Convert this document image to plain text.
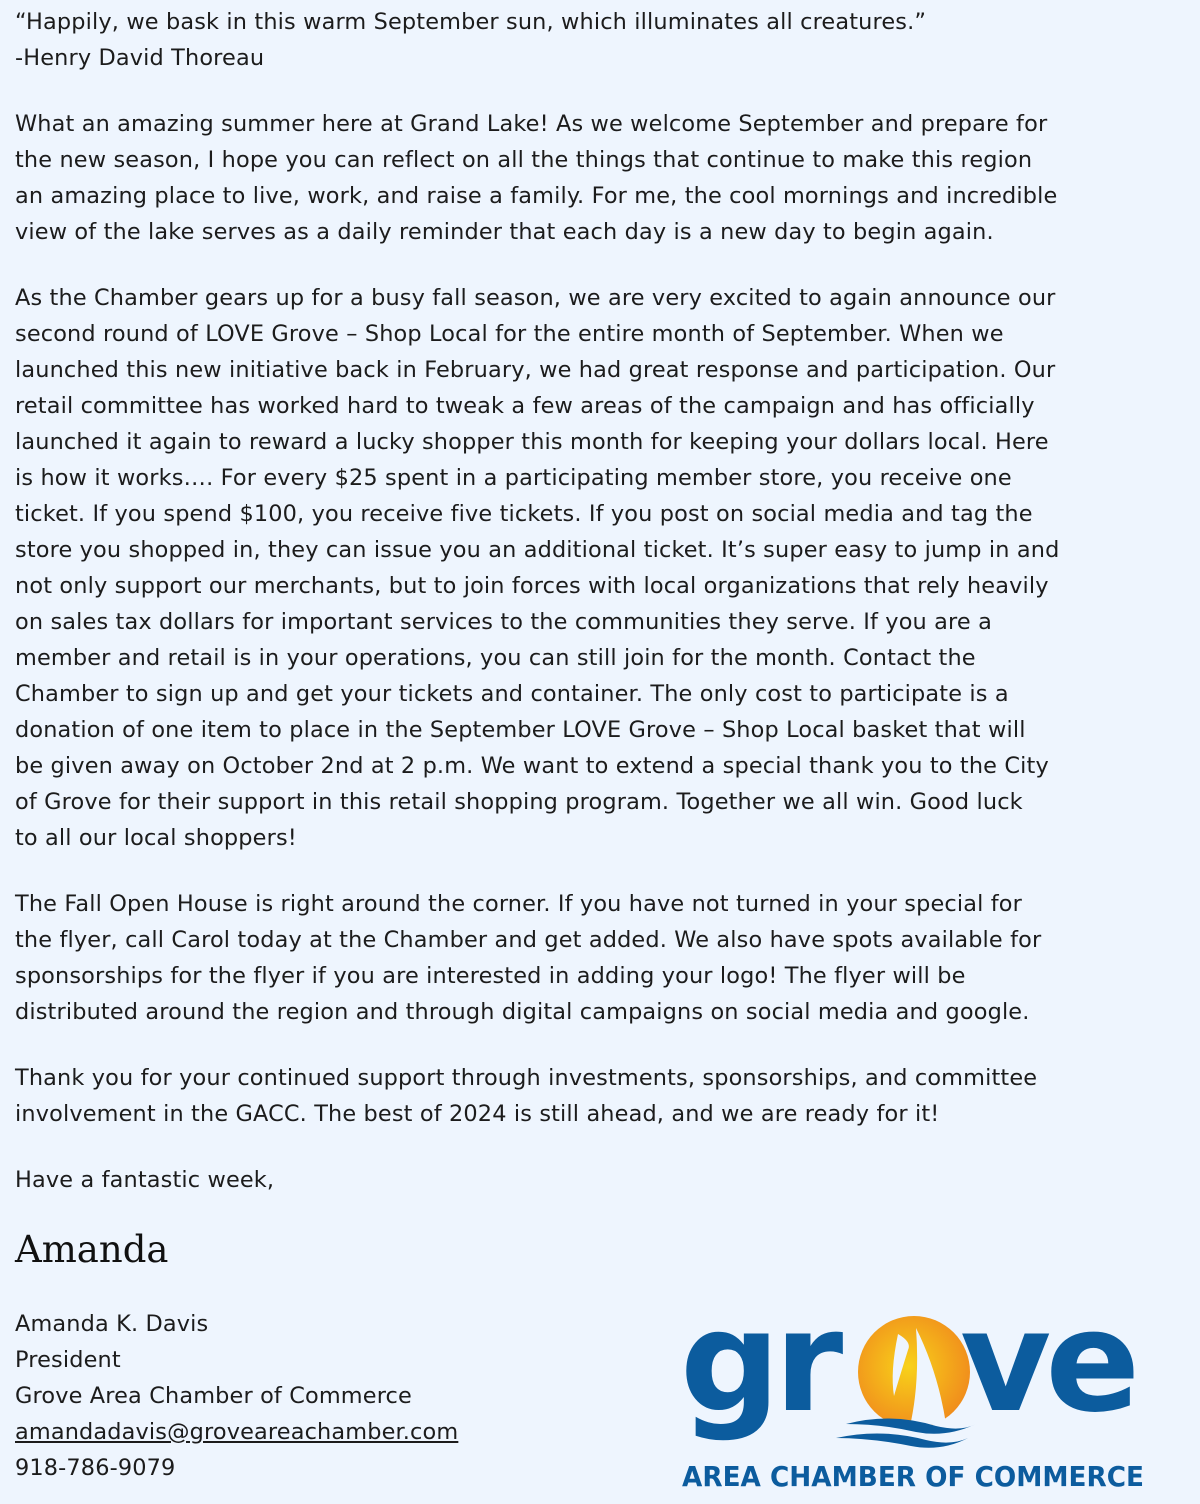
“Happily, we bask in this warm September sun, which illuminates all creatures.”
-Henry David Thoreau
What an amazing summer here at Grand Lake! As we welcome September and prepare for
the new season, I hope you can reflect on all the things that continue to make this region
an amazing place to live, work, and raise a family. For me, the cool mornings and incredible
view of the lake serves as a daily reminder that each day is a new day to begin again.
As the Chamber gears up for a busy fall season, we are very excited to again announce our
second round of LOVE Grove – Shop Local for the entire month of September. When we
launched this new initiative back in February, we had great response and participation. Our
retail committee has worked hard to tweak a few areas of the campaign and has officially
launched it again to reward a lucky shopper this month for keeping your dollars local. Here
is how it works…. For every $25 spent in a participating member store, you receive one
ticket. If you spend $100, you receive five tickets. If you post on social media and tag the
store you shopped in, they can issue you an additional ticket. It’s super easy to jump in and
not only support our merchants, but to join forces with local organizations that rely heavily
on sales tax dollars for important services to the communities they serve. If you are a
member and retail is in your operations, you can still join for the month. Contact the
Chamber to sign up and get your tickets and container. The only cost to participate is a
donation of one item to place in the September LOVE Grove – Shop Local basket that will
be given away on October 2nd at 2 p.m. We want to extend a special thank you to the City
of Grove for their support in this retail shopping program. Together we all win. Good luck
to all our local shoppers!
The Fall Open House is right around the corner. If you have not turned in your special for
the flyer, call Carol today at the Chamber and get added. We also have spots available for
sponsorships for the flyer if you are interested in adding your logo! The flyer will be
distributed around the region and through digital campaigns on social media and google.
Thank you for your continued support through investments, sponsorships, and committee
involvement in the GACC. The best of 2024 is still ahead, and we are ready for it!
Have a fantastic week,
Amanda
Amanda K. Davis
President
Grove Area Chamber of Commerce
amandadavis@groveareachamber.com
918-786-9079
gr ve
AREA CHAMBER OF COMMERCE
